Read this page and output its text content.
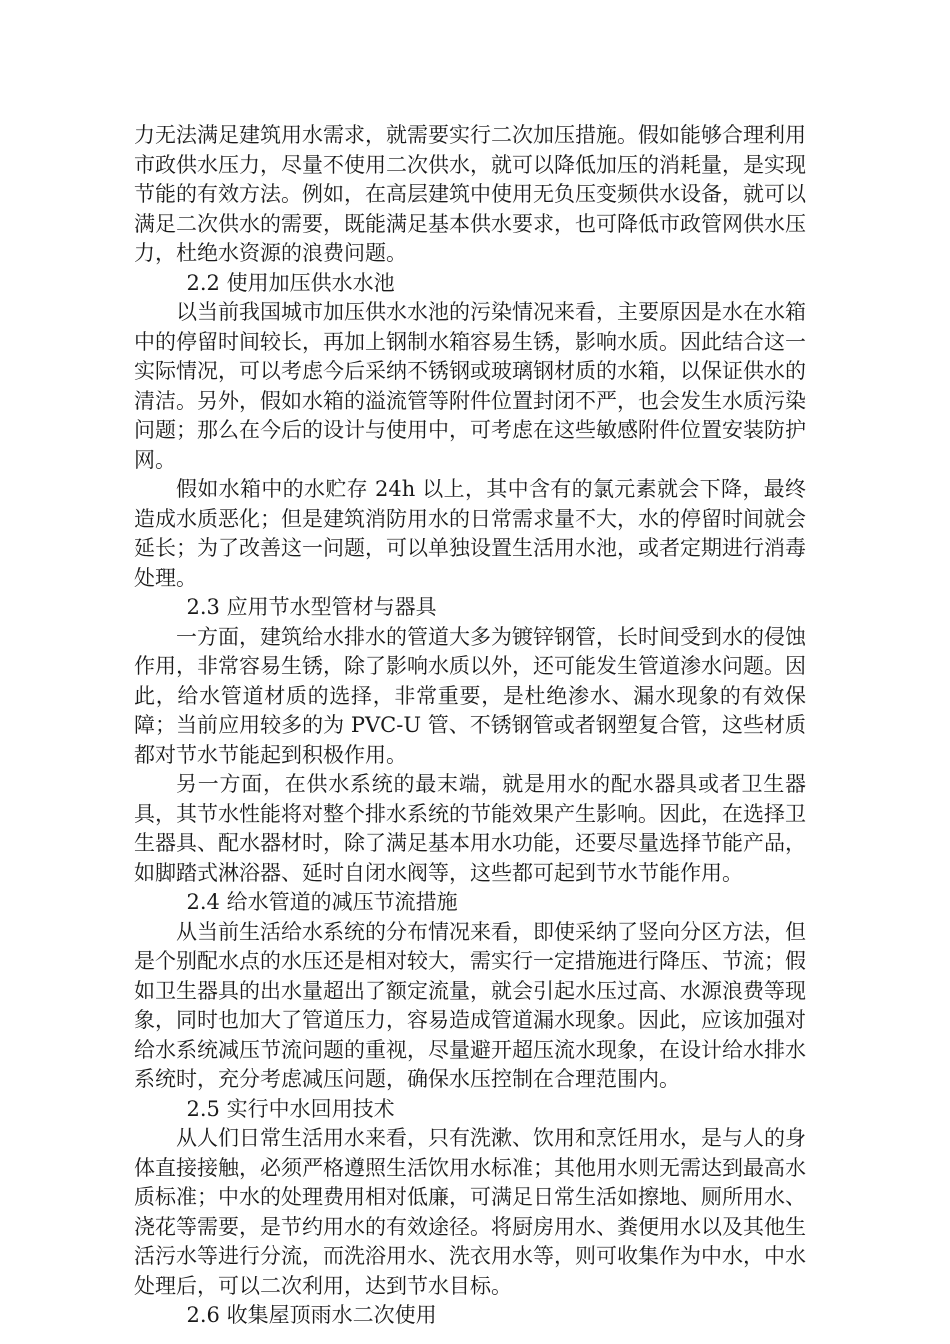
力无法满足建筑用水需求，就需要实行二次加压措施。假如能够合理利用市政供水压力，尽量不使用二次供水，就可以降低加压的消耗量，是实现节能的有效方法。例如，在高层建筑中使用无负压变频供水设备，就可以满足二次供水的需要，既能满足基本供水要求，也可降低市政管网供水压力，杜绝水资源的浪费问题。

2.2 使用加压供水水池

以当前我国城市加压供水水池的污染情况来看，主要原因是水在水箱中的停留时间较长，再加上钢制水箱容易生锈，影响水质。因此结合这一实际情况，可以考虑今后采纳不锈钢或玻璃钢材质的水箱，以保证供水的清洁。另外，假如水箱的溢流管等附件位置封闭不严，也会发生水质污染问题；那么在今后的设计与使用中，可考虑在这些敏感附件位置安装防护网。

假如水箱中的水贮存 24h 以上，其中含有的氯元素就会下降，最终造成水质恶化；但是建筑消防用水的日常需求量不大，水的停留时间就会延长；为了改善这一问题，可以单独设置生活用水池，或者定期进行消毒处理。

2.3 应用节水型管材与器具

一方面，建筑给水排水的管道大多为镀锌钢管，长时间受到水的侵蚀作用，非常容易生锈，除了影响水质以外，还可能发生管道渗水问题。因此，给水管道材质的选择，非常重要，是杜绝渗水、漏水现象的有效保障；当前应用较多的为 PVC-U 管、不锈钢管或者钢塑复合管，这些材质都对节水节能起到积极作用。

另一方面，在供水系统的最末端，就是用水的配水器具或者卫生器具，其节水性能将对整个排水系统的节能效果产生影响。因此，在选择卫生器具、配水器材时，除了满足基本用水功能，还要尽量选择节能产品，如脚踏式淋浴器、延时自闭水阀等，这些都可起到节水节能作用。

2.4 给水管道的减压节流措施

从当前生活给水系统的分布情况来看，即使采纳了竖向分区方法，但是个别配水点的水压还是相对较大，需实行一定措施进行降压、节流；假如卫生器具的出水量超出了额定流量，就会引起水压过高、水源浪费等现象，同时也加大了管道压力，容易造成管道漏水现象。因此，应该加强对给水系统减压节流问题的重视，尽量避开超压流水现象，在设计给水排水系统时，充分考虑减压问题，确保水压控制在合理范围内。

2.5 实行中水回用技术

从人们日常生活用水来看，只有洗漱、饮用和烹饪用水，是与人的身体直接接触，必须严格遵照生活饮用水标准；其他用水则无需达到最高水质标准；中水的处理费用相对低廉，可满足日常生活如擦地、厕所用水、浇花等需要，是节约用水的有效途径。将厨房用水、粪便用水以及其他生活污水等进行分流，而洗浴用水、洗衣用水等，则可收集作为中水，中水处理后，可以二次利用，达到节水目标。

2.6 收集屋顶雨水二次使用
